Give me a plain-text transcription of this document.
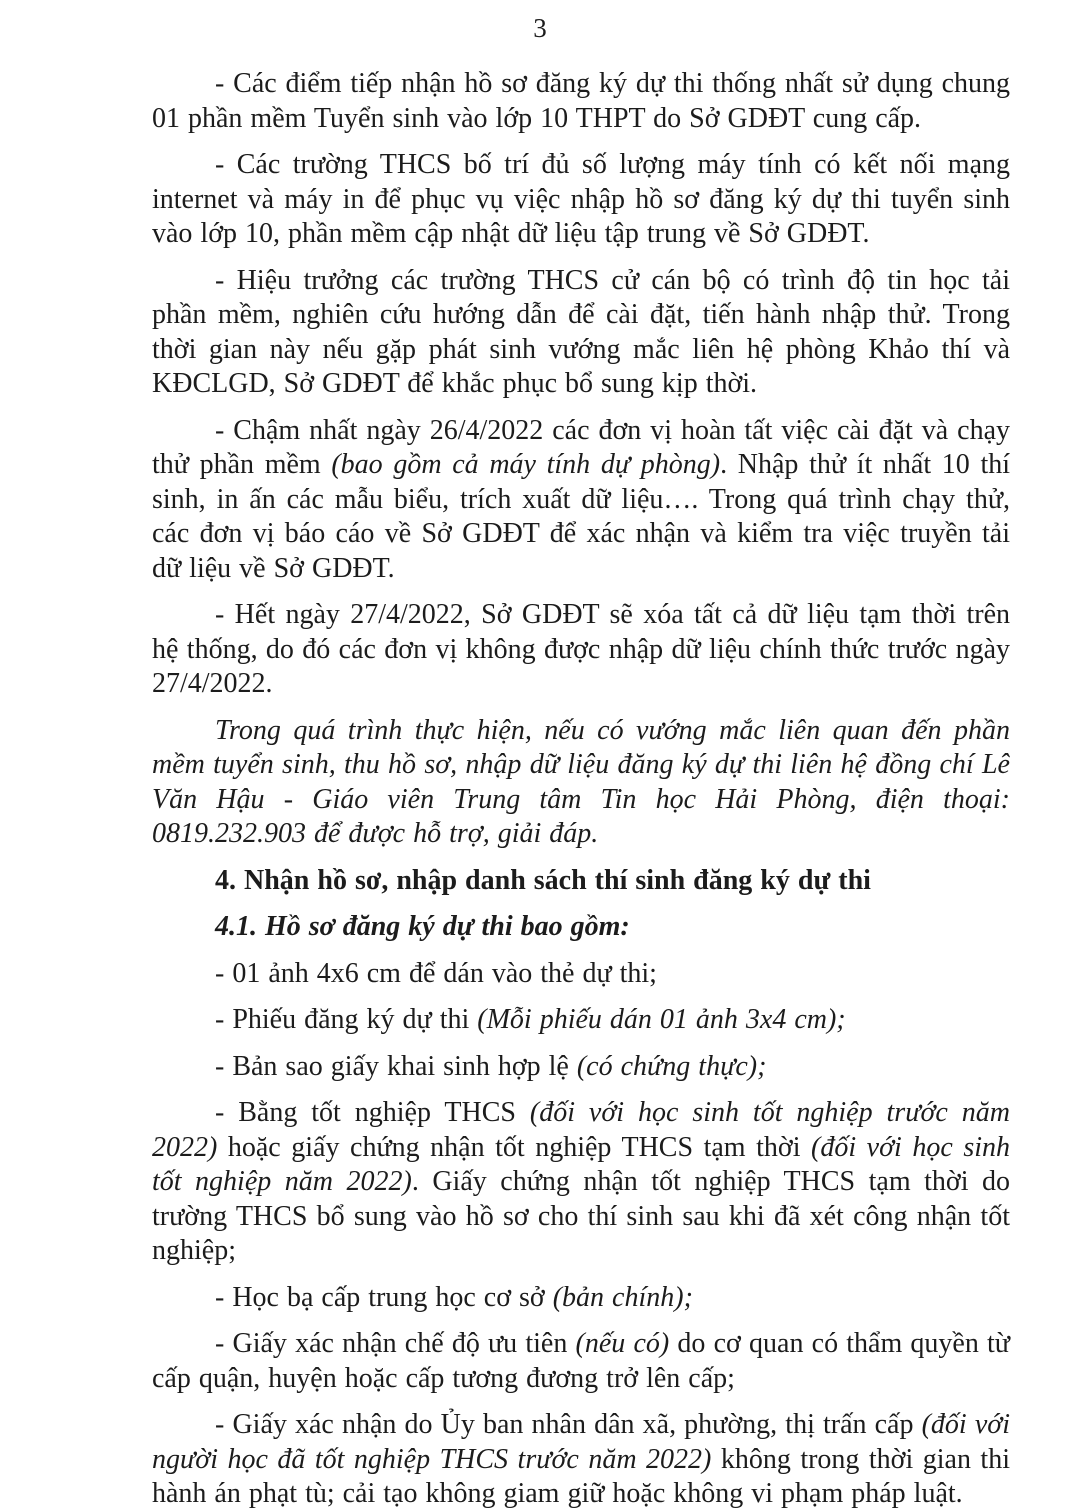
3

- Các điểm tiếp nhận hồ sơ đăng ký dự thi thống nhất sử dụng chung 01 phần mềm Tuyển sinh vào lớp 10 THPT do Sở GDĐT cung cấp.

- Các trường THCS bố trí đủ số lượng máy tính có kết nối mạng internet và máy in để phục vụ việc nhập hồ sơ đăng ký dự thi tuyển sinh vào lớp 10, phần mềm cập nhật dữ liệu tập trung về Sở GDĐT.

- Hiệu trưởng các trường THCS cử cán bộ có trình độ tin học tải phần mềm, nghiên cứu hướng dẫn để cài đặt, tiến hành nhập thử. Trong thời gian này nếu gặp phát sinh vướng mắc liên hệ phòng Khảo thí và KĐCLGD, Sở GDĐT để khắc phục bổ sung kịp thời.

- Chậm nhất ngày 26/4/2022 các đơn vị hoàn tất việc cài đặt và chạy thử phần mềm (bao gồm cả máy tính dự phòng). Nhập thử ít nhất 10 thí sinh, in ấn các mẫu biểu, trích xuất dữ liệu…. Trong quá trình chạy thử, các đơn vị báo cáo về Sở GDĐT để xác nhận và kiểm tra việc truyền tải dữ liệu về Sở GDĐT.

- Hết ngày 27/4/2022, Sở GDĐT sẽ xóa tất cả dữ liệu tạm thời trên hệ thống, do đó các đơn vị không được nhập dữ liệu chính thức trước ngày 27/4/2022.

Trong quá trình thực hiện, nếu có vướng mắc liên quan đến phần mềm tuyển sinh, thu hồ sơ, nhập dữ liệu đăng ký dự thi liên hệ đồng chí Lê Văn Hậu - Giáo viên Trung tâm Tin học Hải Phòng, điện thoại: 0819.232.903 để được hỗ trợ, giải đáp.

4. Nhận hồ sơ, nhập danh sách thí sinh đăng ký dự thi

4.1. Hồ sơ đăng ký dự thi bao gồm:

- 01 ảnh 4x6 cm để dán vào thẻ dự thi;

- Phiếu đăng ký dự thi (Mỗi phiếu dán 01 ảnh 3x4 cm);

- Bản sao giấy khai sinh hợp lệ (có chứng thực);

- Bằng tốt nghiệp THCS (đối với học sinh tốt nghiệp trước năm 2022) hoặc giấy chứng nhận tốt nghiệp THCS tạm thời (đối với học sinh tốt nghiệp năm 2022). Giấy chứng nhận tốt nghiệp THCS tạm thời do trường THCS bổ sung vào hồ sơ cho thí sinh sau khi đã xét công nhận tốt nghiệp;

- Học bạ cấp trung học cơ sở (bản chính);

- Giấy xác nhận chế độ ưu tiên (nếu có) do cơ quan có thẩm quyền từ cấp quận, huyện hoặc cấp tương đương trở lên cấp;

- Giấy xác nhận do Ủy ban nhân dân xã, phường, thị trấn cấp (đối với người học đã tốt nghiệp THCS trước năm 2022) không trong thời gian thi hành án phạt tù; cải tạo không giam giữ hoặc không vi phạm pháp luật.
